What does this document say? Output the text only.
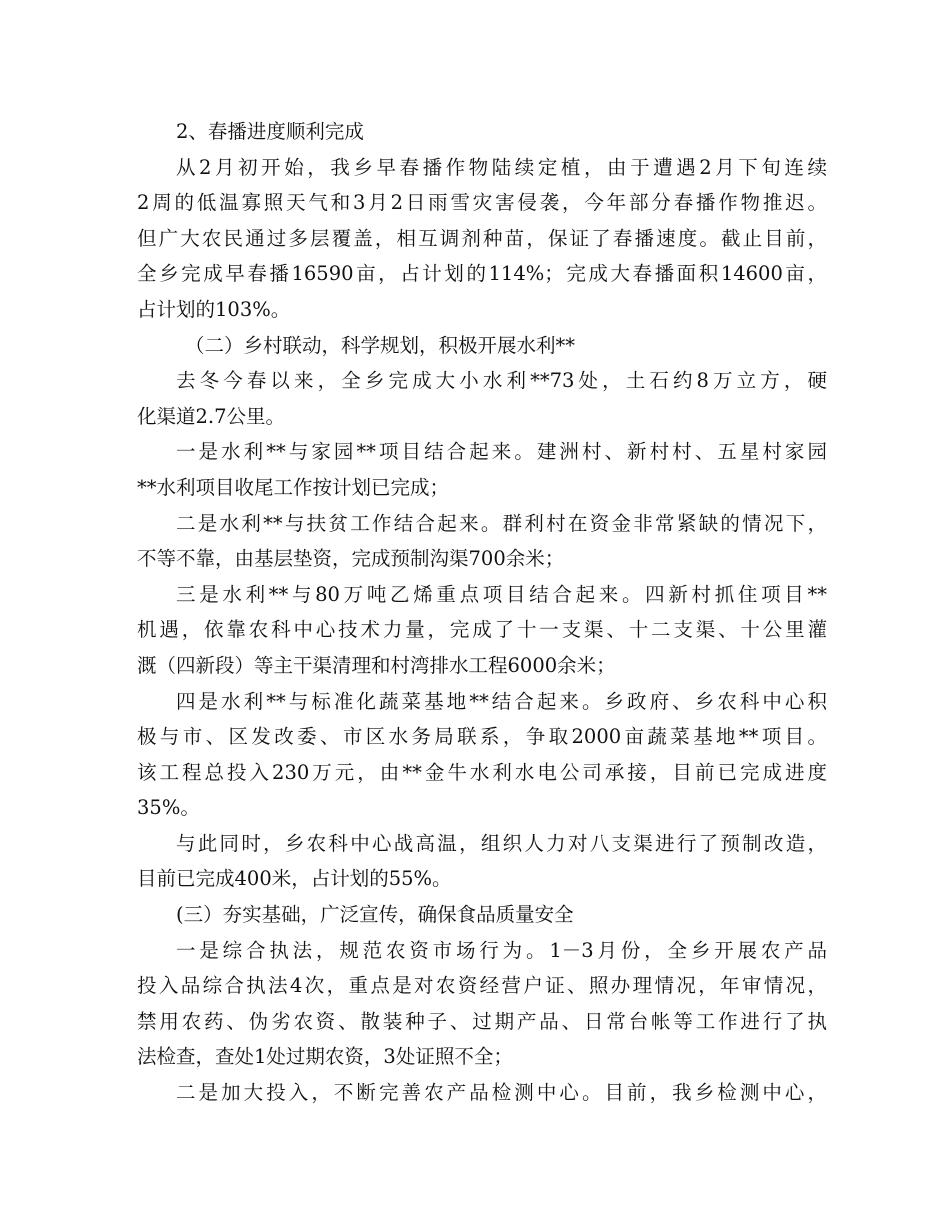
2、春播进度顺利完成
从2月初开始，我乡早春播作物陆续定植，由于遭遇2月下旬连续
2周的低温寡照天气和3月2日雨雪灾害侵袭，今年部分春播作物推迟。
但广大农民通过多层覆盖，相互调剂种苗，保证了春播速度。截止目前，
全乡完成早春播16590亩，占计划的114%；完成大春播面积14600亩，
占计划的103%。
（二）乡村联动，科学规划，积极开展水利**
去冬今春以来，全乡完成大小水利**73处，土石约8万立方，硬
化渠道2.7公里。
一是水利**与家园**项目结合起来。建洲村、新村村、五星村家园
**水利项目收尾工作按计划已完成；
二是水利**与扶贫工作结合起来。群利村在资金非常紧缺的情况下，
不等不靠，由基层垫资，完成预制沟渠700余米；
三是水利**与80万吨乙烯重点项目结合起来。四新村抓住项目**
机遇，依靠农科中心技术力量，完成了十一支渠、十二支渠、十公里灌
溉（四新段）等主干渠清理和村湾排水工程6000余米；
四是水利**与标准化蔬菜基地**结合起来。乡政府、乡农科中心积
极与市、区发改委、市区水务局联系，争取2000亩蔬菜基地**项目。
该工程总投入230万元，由**金牛水利水电公司承接，目前已完成进度
35%。
与此同时，乡农科中心战高温，组织人力对八支渠进行了预制改造，
目前已完成400米，占计划的55%。
(三）夯实基础，广泛宣传，确保食品质量安全
一是综合执法，规范农资市场行为。1－3月份，全乡开展农产品
投入品综合执法4次，重点是对农资经营户证、照办理情况，年审情况，
禁用农药、伪劣农资、散装种子、过期产品、日常台帐等工作进行了执
法检查，查处1处过期农资，3处证照不全；
二是加大投入，不断完善农产品检测中心。目前，我乡检测中心，
